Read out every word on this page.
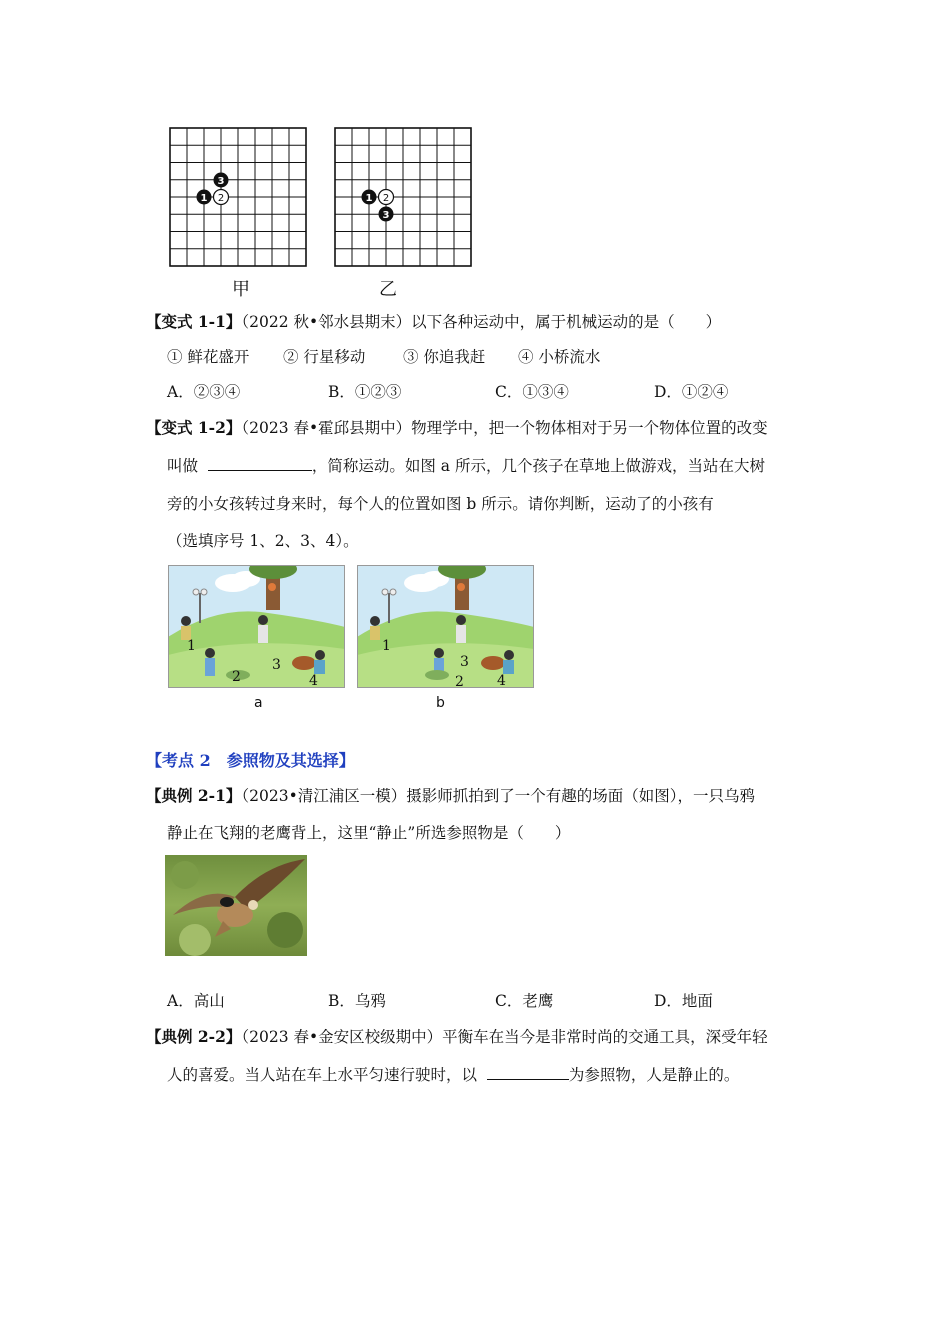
3
1 2	1 2
3
甲	乙
【变式 1-1】（2022 秋•邻水县期末）以下各种运动中，属于机械运动的是（　　）
① 鲜花盛开 ② 行星移动 ③ 你追我赶 ④ 小桥流水
A．②③④	B．①②③	C．①③④	D．①②④
【变式 1-2】（2023 春•霍邱县期中）物理学中，把一个物体相对于另一个物体位置的改变
叫做	，简称运动。如图 a 所示，几个孩子在草地上做游戏，当站在大树
旁的小女孩转过身来时，每个人的位置如图 b 所示。请你判断，运动了的小孩有
（选填序号 1、2、3、4）。
1
2
3
4
1
3
2 4
a	b
【考点 2　参照物及其选择】
【典例 2-1】（2023•清江浦区一模）摄影师抓拍到了一个有趣的场面（如图），一只乌鸦
静止在飞翔的老鹰背上，这里“静止”所选参照物是（　　）
A．高山	B．乌鸦	C．老鹰	D．地面
【典例 2-2】（2023 春•金安区校级期中）平衡车在当今是非常时尚的交通工具，深受年轻
人的喜爱。当人站在车上水平匀速行驶时，以	为参照物，人是静止的。
